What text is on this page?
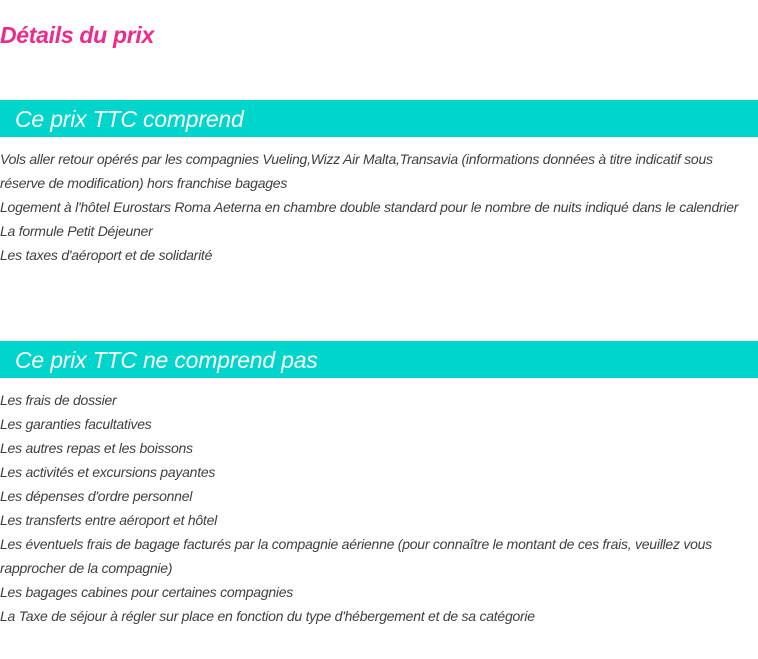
Détails du prix
Ce prix TTC comprend
Vols aller retour opérés par les compagnies Vueling,Wizz Air Malta,Transavia (informations données à titre indicatif sous réserve de modification) hors franchise bagages
Logement à l'hôtel Eurostars Roma Aeterna en chambre double standard pour le nombre de nuits indiqué dans le calendrier
La formule Petit Déjeuner
Les taxes d'aéroport et de solidarité
Ce prix TTC ne comprend pas
Les frais de dossier
Les garanties facultatives
Les autres repas et les boissons
Les activités et excursions payantes
Les dépenses d'ordre personnel
Les transferts entre aéroport et hôtel
Les éventuels frais de bagage facturés par la compagnie aérienne (pour connaître le montant de ces frais, veuillez vous rapprocher de la compagnie)
Les bagages cabines pour certaines compagnies
La Taxe de séjour à régler sur place en fonction du type d'hébergement et de sa catégorie
